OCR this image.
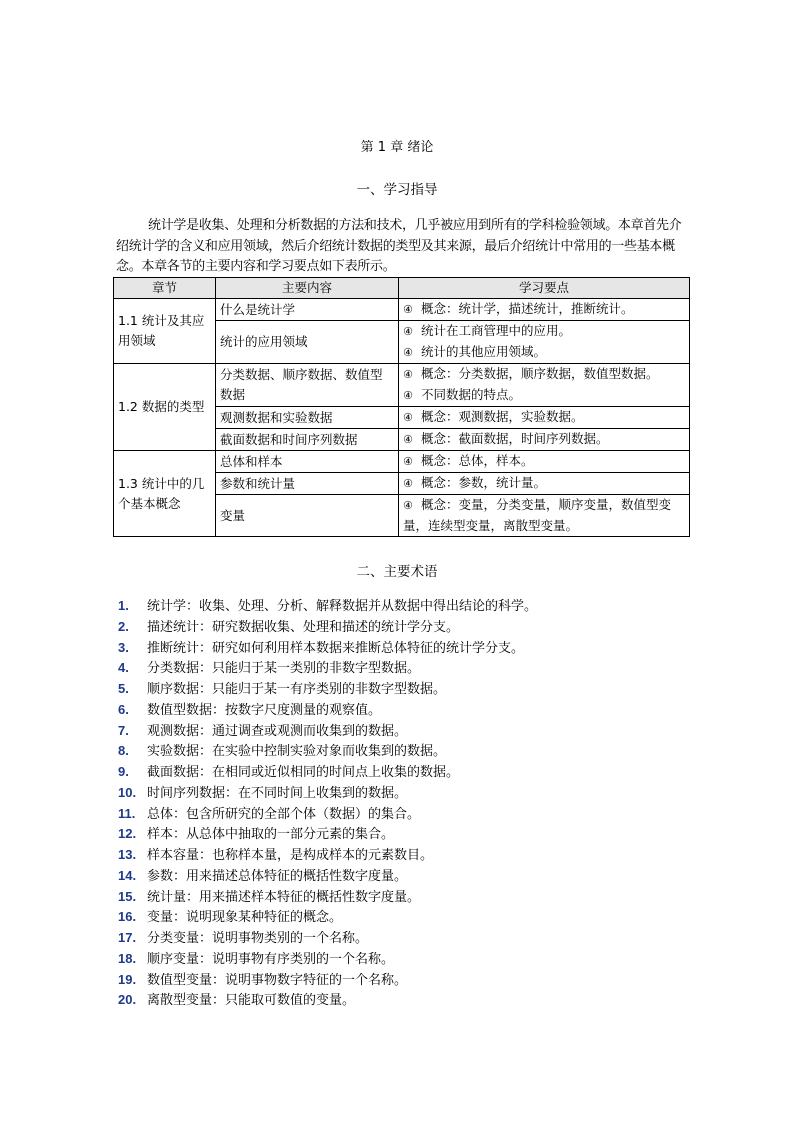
第 1 章 绪论
一、学习指导

统计学是收集、处理和分析数据的方法和技术，几乎被应用到所有的学科检验领域。本章首先介绍统计学的含义和应用领域，然后介绍统计数据的类型及其来源，最后介绍统计中常用的一些基本概念。本章各节的主要内容和学习要点如下表所示。

章节	主要内容	学习要点
1.1 统计及其应用领域	什么是统计学	④ 概念：统计学，描述统计，推断统计。

	统计的应用领域	④ 统计在工商管理中的应用。
④ 统计的其他应用领域。

1.2 数据的类型	分类数据、顺序数据、数值型数据	④ 概念：分类数据，顺序数据，数值型数据。
④ 不同数据的特点。

	观测数据和实验数据	④ 概念：观测数据，实验数据。

	截面数据和时间序列数据	④ 概念：截面数据，时间序列数据。

1.3 统计中的几个基本概念	总体和样本	④ 概念：总体，样本。

	参数和统计量	④ 概念：参数，统计量。

	变量	④ 概念：变量，分类变量，顺序变量，数值型变量，连续型变量，离散型变量。
二、主要术语
1. 统计学：收集、处理、分析、解释数据并从数据中得出结论的科学。
2. 描述统计：研究数据收集、处理和描述的统计学分支。
3. 推断统计：研究如何利用样本数据来推断总体特征的统计学分支。
4. 分类数据：只能归于某一类别的非数字型数据。
5. 顺序数据：只能归于某一有序类别的非数字型数据。
6. 数值型数据：按数字尺度测量的观察值。
7. 观测数据：通过调查或观测而收集到的数据。
8. 实验数据：在实验中控制实验对象而收集到的数据。
9. 截面数据：在相同或近似相同的时间点上收集的数据。
10. 时间序列数据：在不同时间上收集到的数据。
11. 总体：包含所研究的全部个体（数据）的集合。
12. 样本：从总体中抽取的一部分元素的集合。
13. 样本容量：也称样本量，是构成样本的元素数目。
14. 参数：用来描述总体特征的概括性数字度量。
15. 统计量：用来描述样本特征的概括性数字度量。
16. 变量：说明现象某种特征的概念。
17. 分类变量：说明事物类别的一个名称。
18. 顺序变量：说明事物有序类别的一个名称。
19. 数值型变量：说明事物数字特征的一个名称。
20. 离散型变量：只能取可数值的变量。
